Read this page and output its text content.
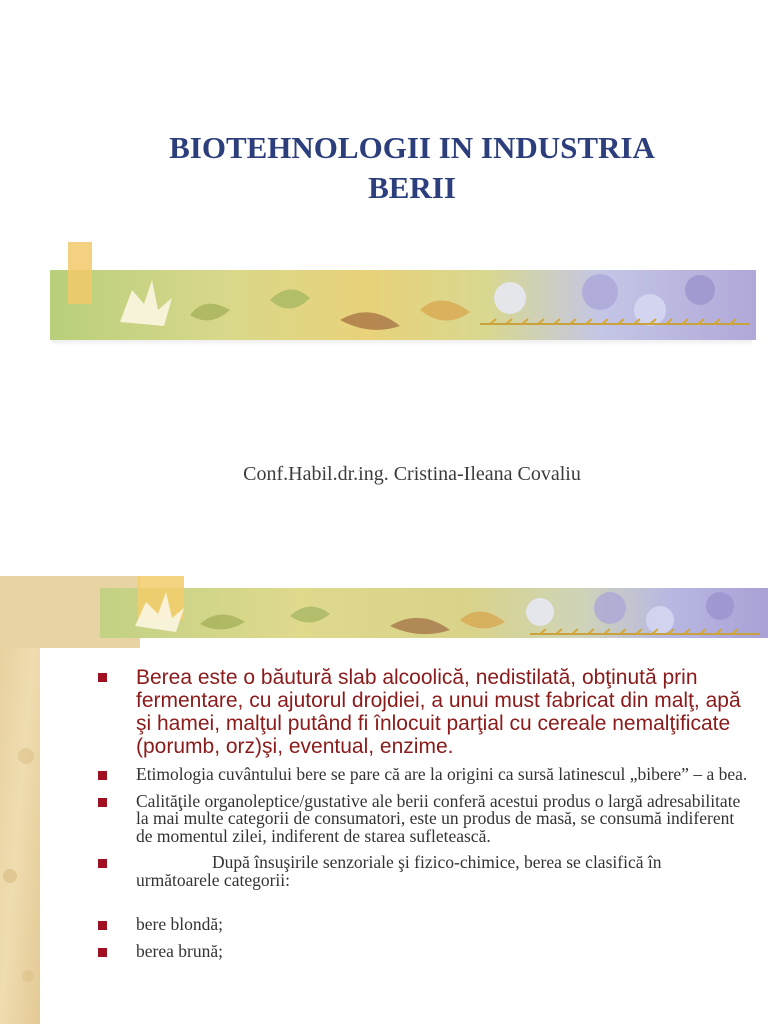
BIOTEHNOLOGII IN INDUSTRIA
BERII
Conf.Habil.dr.ing. Cristina-Ileana Covaliu
Berea este o băutură slab alcoolică, nedistilată, obţinută prin fermentare, cu ajutorul drojdiei, a unui must fabricat din malţ, apă şi hamei, malţul putând fi înlocuit parţial cu cereale nemalţificate (porumb, orz)şi, eventual, enzime.
Etimologia cuvântului bere se pare că are la origini ca sursă latinescul „bibere” – a bea.
Calităţile organoleptice/gustative ale berii conferă acestui produs o largă adresabilitate la mai multe categorii de consumatori, este un produs de masă, se consumă indiferent de momentul zilei, indiferent de starea sufletească.
După însuşirile senzoriale şi fizico-chimice, berea se clasifică în următoarele categorii:
bere blondă;
berea brună;
